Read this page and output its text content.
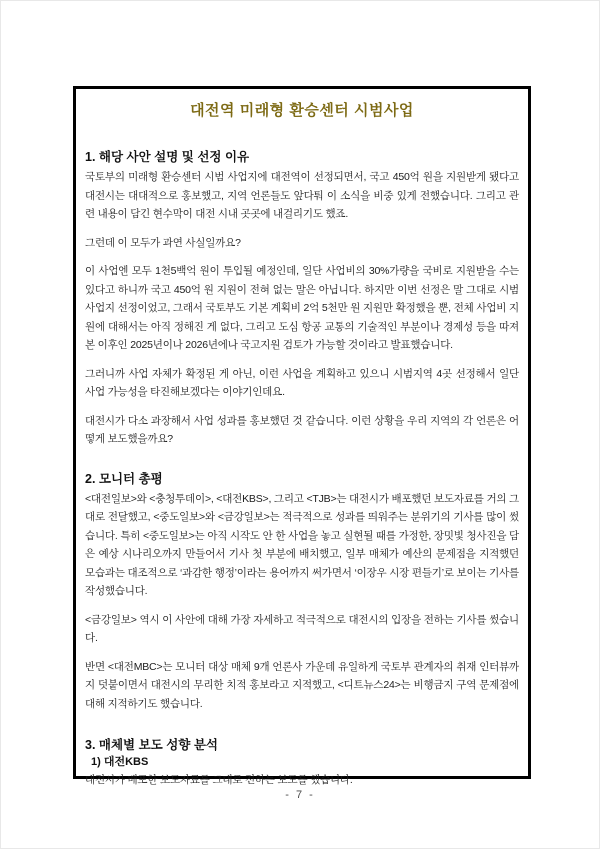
대전역 미래형 환승센터 시범사업
1. 해당 사안 설명 및 선정 이유

국토부의 미래형 환승센터 시범 사업지에 대전역이 선정되면서, 국고 450억 원을 지원받게 됐다고 대전시는 대대적으로 홍보했고, 지역 언론들도 앞다퉈 이 소식을 비중 있게 전했습니다. 그리고 관련 내용이 담긴 현수막이 대전 시내 곳곳에 내걸리기도 했죠.

그런데 이 모두가 과연 사실일까요?

이 사업엔 모두 1천5백억 원이 투입될 예정인데, 일단 사업비의 30%가량을 국비로 지원받을 수는 있다고 하니까 국고 450억 원 지원이 전혀 없는 말은 아닙니다. 하지만 이번 선정은 말 그대로 시범 사업지 선정이었고, 그래서 국토부도 기본 계획비 2억 5천만 원 지원만 확정했을 뿐, 전체 사업비 지원에 대해서는 아직 정해진 게 없다, 그리고 도심 항공 교통의 기술적인 부분이나 경제성 등을 따져본 이후인 2025년이나 2026년에나 국고지원 검토가 가능할 것이라고 발표했습니다.

그러니까 사업 자체가 확정된 게 아닌, 이런 사업을 계획하고 있으니 시범지역 4곳 선정해서 일단 사업 가능성을 타진해보겠다는 이야기인데요.

대전시가 다소 과장해서 사업 성과를 홍보했던 것 같습니다. 이런 상황을 우리 지역의 각 언론은 어떻게 보도했을까요?

2. 모니터 총평

<대전일보>와 <충청투데이>, <대전KBS>, 그리고 <TJB>는 대전시가 배포했던 보도자료를 거의 그대로 전달했고, <중도일보>와 <금강일보>는 적극적으로 성과를 띄워주는 분위기의 기사를 많이 썼습니다. 특히 <중도일보>는 아직 시작도 안 한 사업을 놓고 실현될 때를 가정한, 장밋빛 청사진을 담은 예상 시나리오까지 만들어서 기사 첫 부분에 배치했고, 일부 매체가 예산의 문제점을 지적했던 모습과는 대조적으로 ‘과감한 행정’이라는 용어까지 써가면서 ‘이장우 시장 편들기’로 보이는 기사를 작성했습니다.

<금강일보> 역시 이 사안에 대해 가장 자세하고 적극적으로 대전시의 입장을 전하는 기사를 썼습니다.

반면 <대전MBC>는 모니터 대상 매체 9개 언론사 가운데 유일하게 국토부 관계자의 취재 인터뷰까지 덧붙이면서 대전시의 무리한 치적 홍보라고 지적했고, <디트뉴스24>는 비행금지 구역 문제점에 대해 지적하기도 했습니다.

3. 매체별 보도 성향 분석
1) 대전KBS

대전시가 배포한 보도자료를 그대로 전하는 보도를 했습니다.

- 7 -
